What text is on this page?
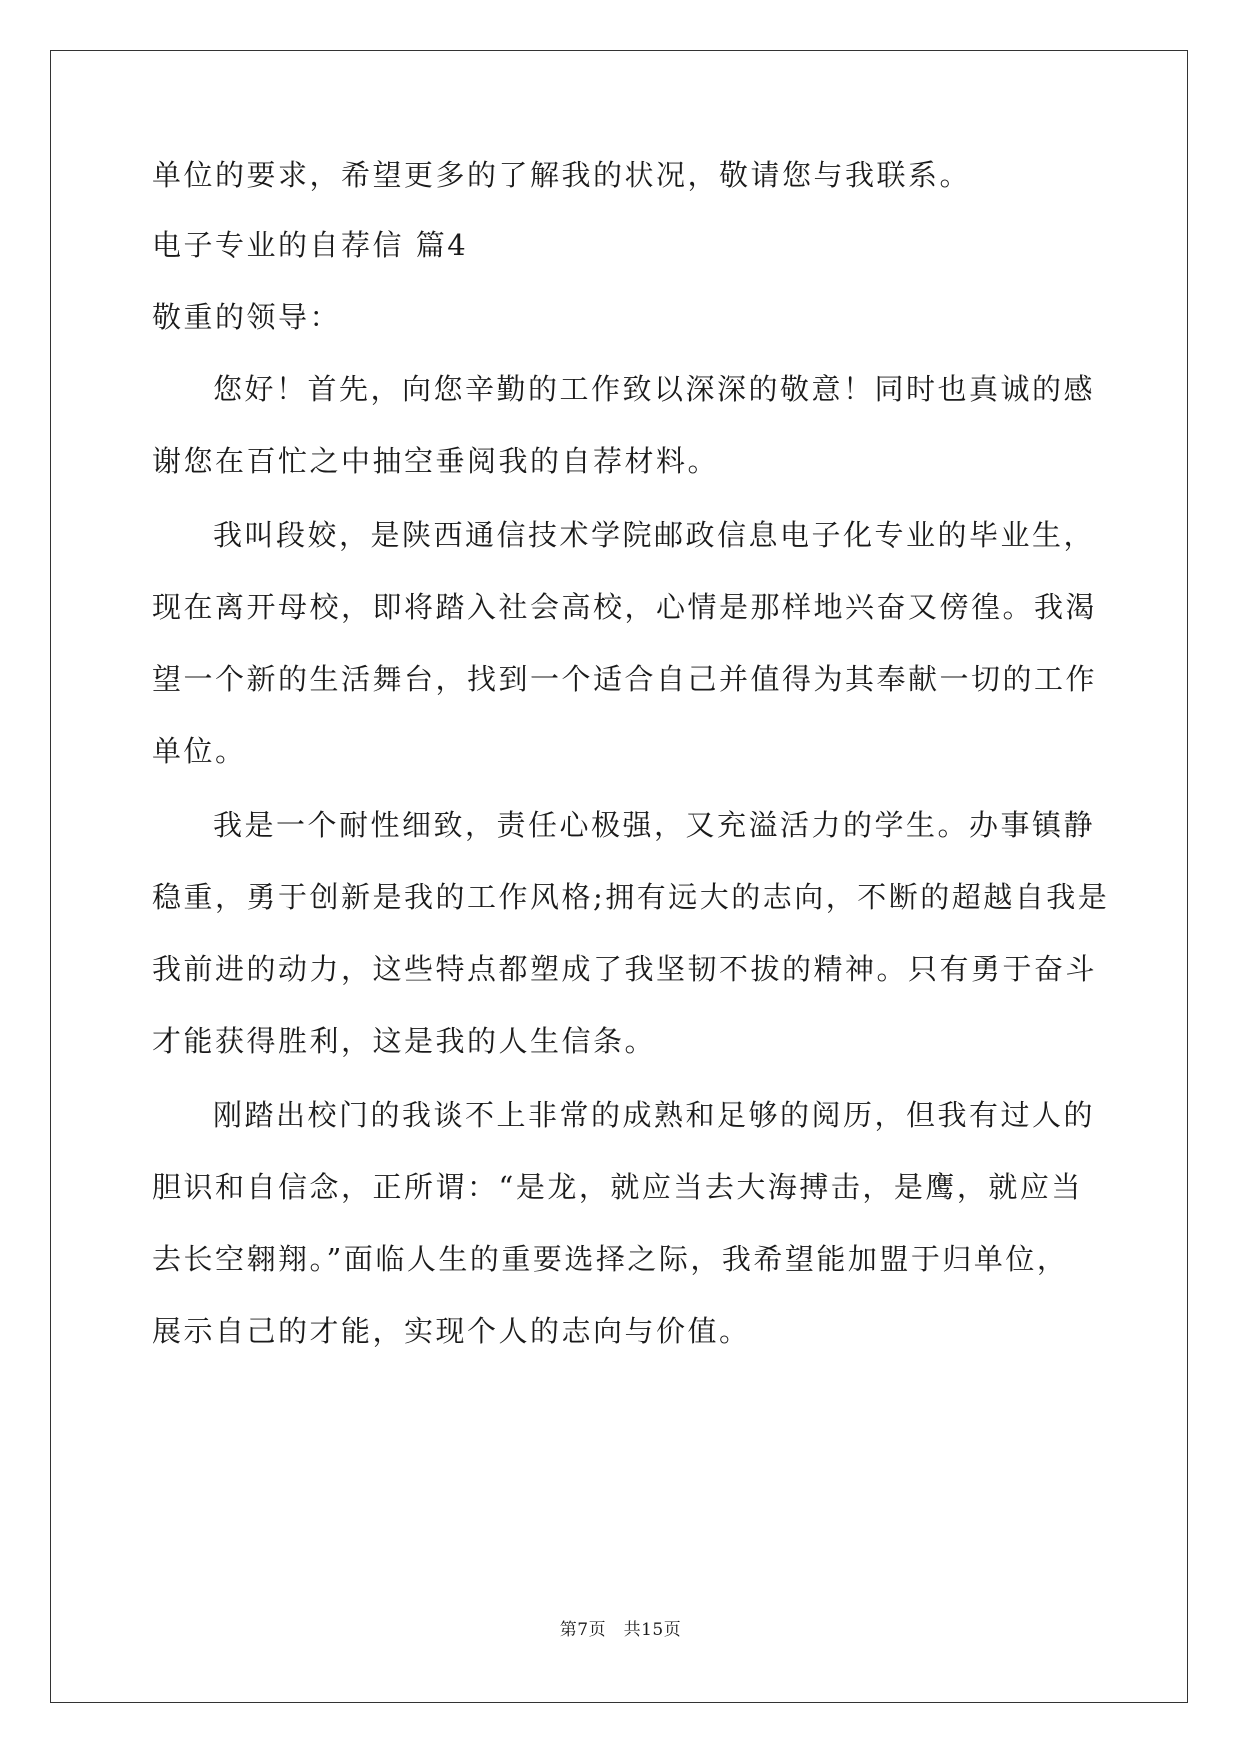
单位的要求，希望更多的了解我的状况，敬请您与我联系。
电子专业的自荐信 篇4
敬重的领导：
您好！首先，向您辛勤的工作致以深深的敬意！同时也真诚的感
谢您在百忙之中抽空垂阅我的自荐材料。
我叫段姣，是陕西通信技术学院邮政信息电子化专业的毕业生，
现在离开母校，即将踏入社会高校，心情是那样地兴奋又傍徨。我渴
望一个新的生活舞台，找到一个适合自己并值得为其奉献一切的工作
单位。
我是一个耐性细致，责任心极强，又充溢活力的学生。办事镇静
稳重，勇于创新是我的工作风格;拥有远大的志向，不断的超越自我是
我前进的动力，这些特点都塑成了我坚韧不拔的精神。只有勇于奋斗
才能获得胜利，这是我的人生信条。
刚踏出校门的我谈不上非常的成熟和足够的阅历，但我有过人的
胆识和自信念，正所谓：“是龙，就应当去大海搏击，是鹰，就应当
去长空翱翔。”面临人生的重要选择之际，我希望能加盟于归单位，
展示自己的才能，实现个人的志向与价值。
第7页　共15页
